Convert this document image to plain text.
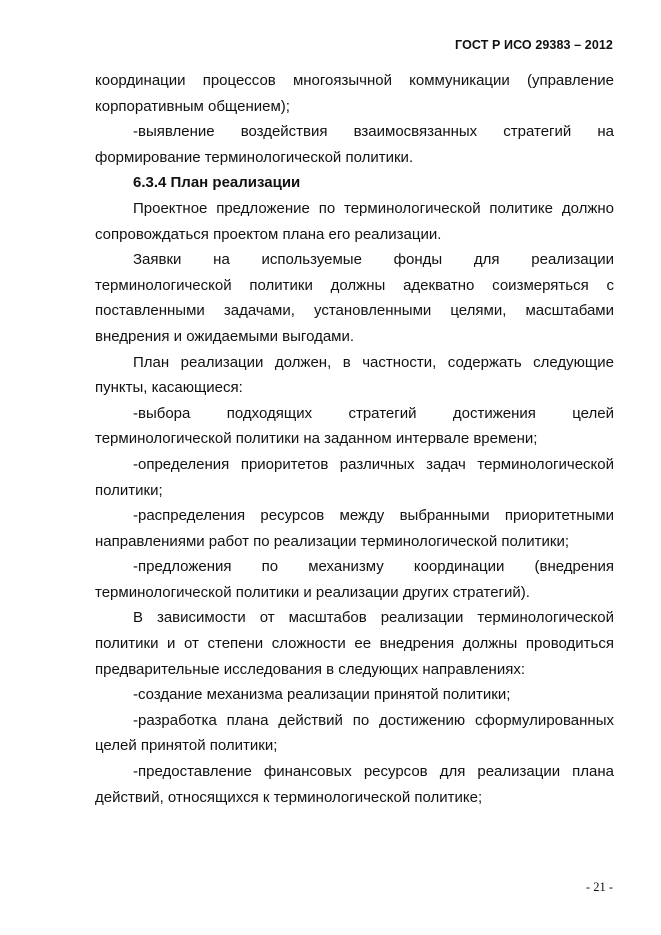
ГОСТ Р ИСО 29383 – 2012

координации процессов многоязычной коммуникации (управление корпоративным общением);

-выявление воздействия взаимосвязанных стратегий на формирование терминологической политики.

6.3.4 План реализации

Проектное предложение по терминологической политике должно сопровождаться проектом плана его реализации.

Заявки на используемые фонды для реализации терминологической политики должны адекватно соизмеряться с поставленными задачами, установленными целями, масштабами внедрения и ожидаемыми выгодами.

План реализации должен, в частности, содержать следующие пункты, касающиеся:

-выбора подходящих стратегий достижения целей терминологической политики на заданном интервале времени;

-определения приоритетов различных задач терминологической политики;

-распределения ресурсов между выбранными приоритетными направлениями работ по реализации терминологической политики;

-предложения по механизму координации (внедрения терминологической политики и реализации других стратегий).

В зависимости от масштабов реализации терминологической политики и от степени сложности ее внедрения должны проводиться предварительные исследования в следующих направлениях:

-создание механизма реализации принятой политики;

-разработка плана действий по достижению сформулированных целей принятой политики;

-предоставление финансовых ресурсов для реализации плана действий, относящихся к терминологической политике;

- 21 -
